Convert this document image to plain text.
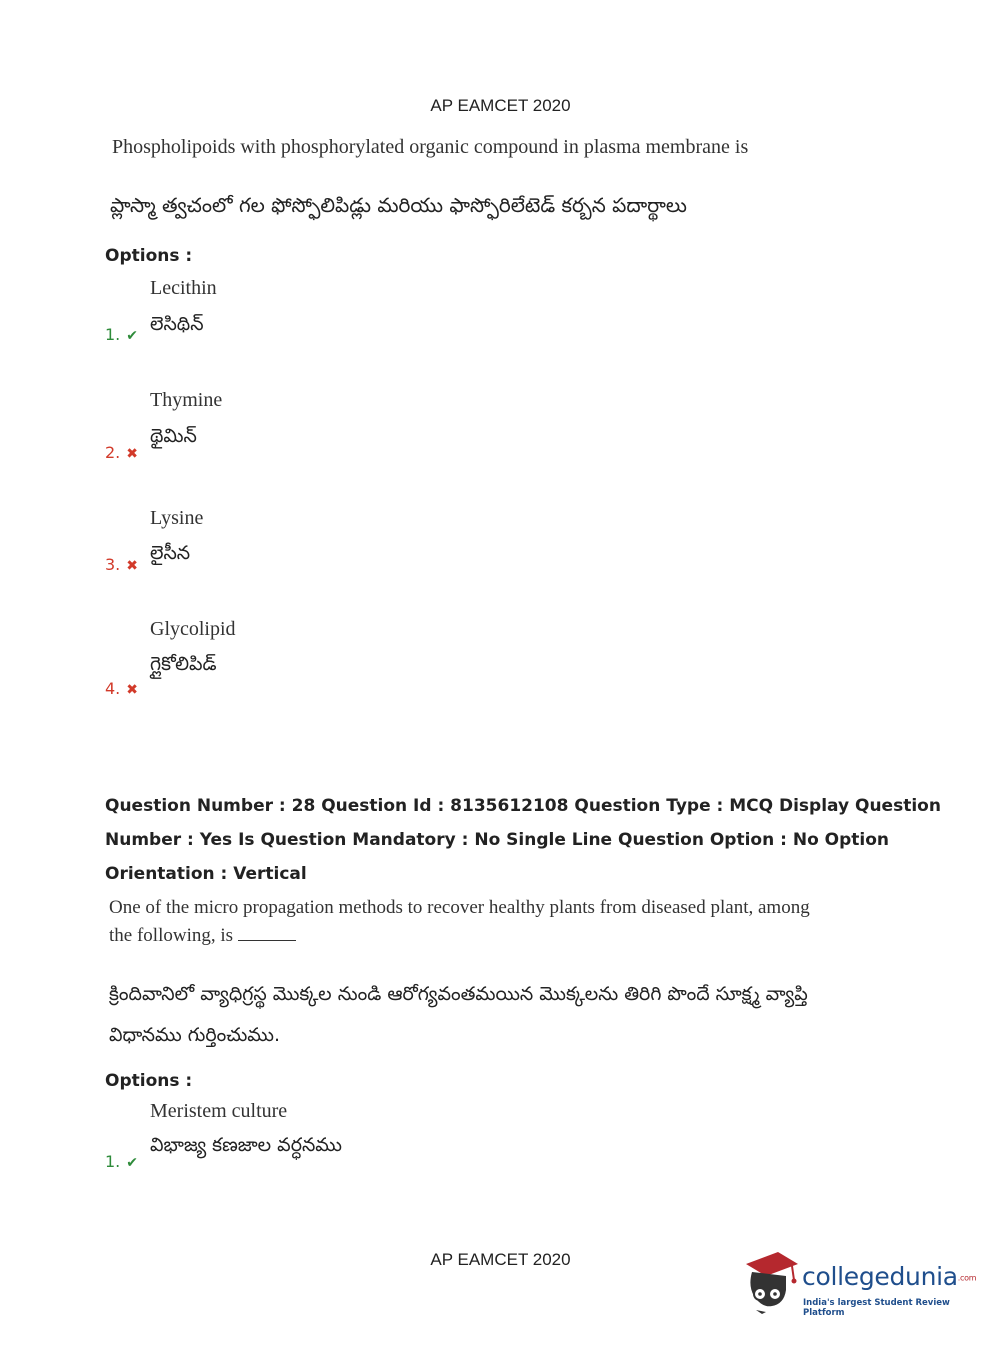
AP EAMCET 2020
Phospholipoids with phosphorylated organic compound in plasma membrane is
ప్లాస్మా త్వచంలో గల ఫోస్ఫోలిపిడ్లు మరియు ఫాస్ఫోరిలేటెడ్ కర్బన పదార్థాలు
Options :
Lecithin
లెసిథిన్
1. ✔
Thymine
థైమిన్
2. ✖
Lysine
లైసీన
3. ✖
Glycolipid
గ్లైకోలిపిడ్
4. ✖
Question Number : 28 Question Id : 8135612108 Question Type : MCQ Display Question
Number : Yes Is Question Mandatory : No Single Line Question Option : No Option
Orientation : Vertical
One of the micro propagation methods to recover healthy plants from diseased plant, among
the following, is
క్రిందివానిలో వ్యాధిగ్రస్థ మొక్కల నుండి ఆరోగ్యవంతమయిన మొక్కలను తిరిగి పొందే సూక్ష్మ వ్యాప్తి
విధానము గుర్తించుము.
Options :
Meristem culture
విభాజ్య కణజాల వర్ధనము
1. ✔
AP EAMCET 2020
collegedunia.com
India's largest Student Review Platform
